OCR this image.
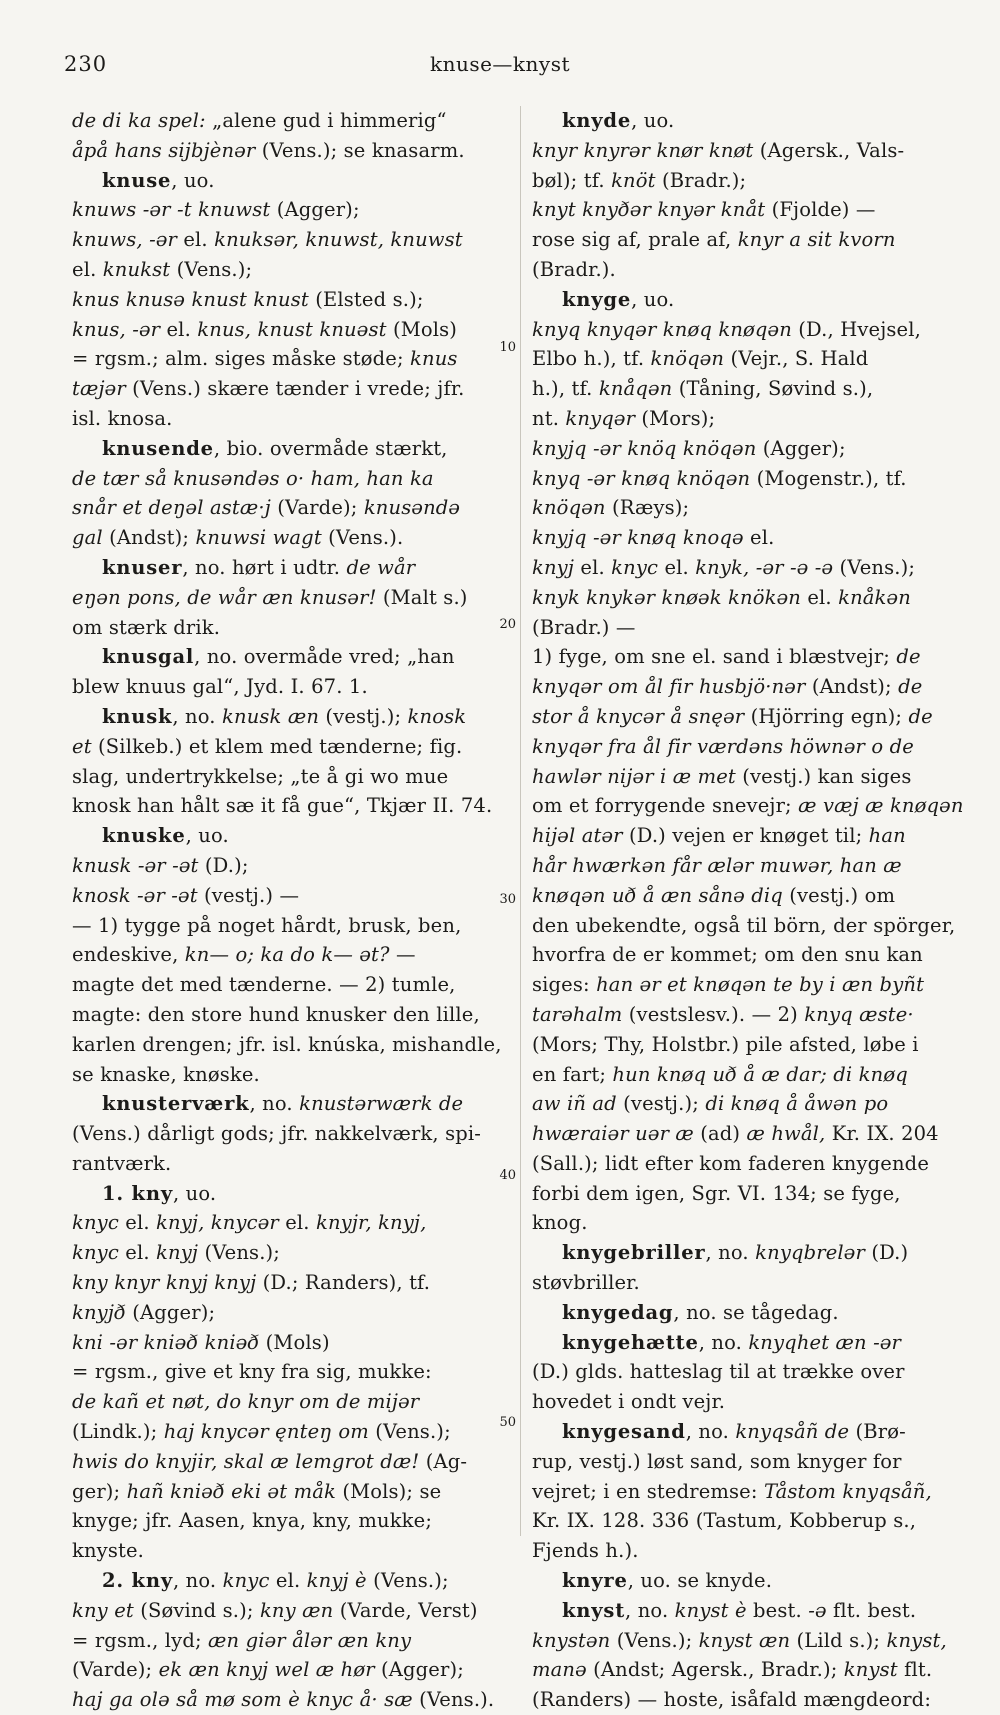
230	knuse—knyst
de di ka spel: „alene gud i himmerig“
åpå hans sijbjènər (Vens.); se knasarm.
knuse, uo.
knuws -ər -t knuwst (Agger);
knuws, -ər el. knuksər, knuwst, knuwst
el. knukst (Vens.);
knus knusə knust knust (Elsted s.);
knus, -ər el. knus, knust knuəst (Mols)
= rgsm.; alm. siges måske støde; knus
tæjər (Vens.) skære tænder i vrede; jfr.
isl. knosa.
knusende, bio. overmåde stærkt,
de tær så knusəndəs o· ham, han ka
snår et deŋəl astæ·j (Varde); knusəndə
gal (Andst); knuwsi wagt (Vens.).
knuser, no. hørt i udtr. de wår
eŋən pons, de wår æn knusər! (Malt s.)
om stærk drik.
knusgal, no. overmåde vred; „han
blew knuus gal“, Jyd. I. 67. 1.
knusk, no. knusk æn (vestj.); knosk
et (Silkeb.) et klem med tænderne; fig.
slag, undertrykkelse; „te å gi wo mue
knosk han hålt sæ it få gue“, Tkjær II. 74.
knuske, uo.
knusk -ər -ət (D.);
knosk -ər -ət (vestj.) —
— 1) tygge på noget hårdt, brusk, ben,
endeskive, kn— o; ka do k— ət? —
magte det med tænderne. — 2) tumle,
magte: den store hund knusker den lille,
karlen drengen; jfr. isl. knúska, mishandle,
se knaske, knøske.
knusterværk, no. knustərwærk de
(Vens.) dårligt gods; jfr. nakkelværk, spi-
rantværk.
1. kny, uo.
knyc el. knyj, knycər el. knyjr, knyj,
knyc el. knyj (Vens.);
kny knyr knyj knyj (D.; Randers), tf.
knyjð (Agger);
kni -ər kniəð kniəð (Mols)
= rgsm., give et kny fra sig, mukke:
de kañ et nøt, do knyr om de mijər
(Lindk.); haj knycər ęnteŋ om (Vens.);
hwis do knyjir, skal æ lemgrot dæ! (Ag-
ger); hañ kniəð eki ət måk (Mols); se
knyge; jfr. Aasen, knya, kny, mukke;
knyste.
2. kny, no. knyc el. knyj è (Vens.);
kny et (Søvind s.); kny æn (Varde, Verst)
= rgsm., lyd; æn giər ålər æn kny
(Varde); ek æn knyj wel æ hør (Agger);
haj ga olə så mø som è knyc å· sæ (Vens.).
knyde, uo.
knyr knyrər knør knøt (Agersk., Vals-
bøl); tf. knöt (Bradr.);
knyt knyðər knyər knåt (Fjolde) —
rose sig af, prale af, knyr a sit kvorn
(Bradr.).
knyge, uo.
knyq knyqər knøq knøqən (D., Hvejsel,
Elbo h.), tf. knöqən (Vejr., S. Hald
h.), tf. knåqən (Tåning, Søvind s.),
nt. knyqər (Mors);
knyjq -ər knöq knöqən (Agger);
knyq -ər knøq knöqən (Mogenstr.), tf.
knöqən (Ræys);
knyjq -ər knøq knoqə el.
knyj el. knyc el. knyk, -ər -ə -ə (Vens.);
knyk knykər knøək knökən el. knåkən
(Bradr.) —
1) fyge, om sne el. sand i blæstvejr; de
knyqər om ål fir husbjö·nər (Andst); de
stor å knycər å snęər (Hjörring egn); de
knyqər fra ål fir værdəns höwnər o de
hawlər nijər i æ met (vestj.) kan siges
om et forrygende snevejr; æ væj æ knøqən
hijəl atər (D.) vejen er knøget til; han
hår hwærkən får ælər muwər, han æ
knøqən uð å æn sånə diq (vestj.) om
den ubekendte, også til börn, der spörger,
hvorfra de er kommet; om den snu kan
siges: han ər et knøqən te by i æn byñt
tarəhalm (vestslesv.). — 2) knyq æste·
(Mors; Thy, Holstbr.) pile afsted, løbe i
en fart; hun knøq uð å æ dar; di knøq
aw iñ ad (vestj.); di knøq å åwən po
hwæraiər uər æ (ad) æ hwål, Kr. IX. 204
(Sall.); lidt efter kom faderen knygende
forbi dem igen, Sgr. VI. 134; se fyge,
knog.
knygebriller, no. knyqbrelər (D.)
støvbriller.
knygedag, no. se tågedag.
knygehætte, no. knyqhet æn -ər
(D.) glds. hatteslag til at trække over
hovedet i ondt vejr.
knygesand, no. knyqsåñ de (Brø-
rup, vestj.) løst sand, som knyger for
vejret; i en stedremse: Tåstom knyqsåñ,
Kr. IX. 128. 336 (Tastum, Kobberup s.,
Fjends h.).
knyre, uo. se knyde.
knyst, no. knyst è best. -ə flt. best.
knystən (Vens.); knyst æn (Lild s.); knyst,
manə (Andst; Agersk., Bradr.); knyst flt.
(Randers) — hoste, isåfald mængdeord:
10
20
30
40
50
